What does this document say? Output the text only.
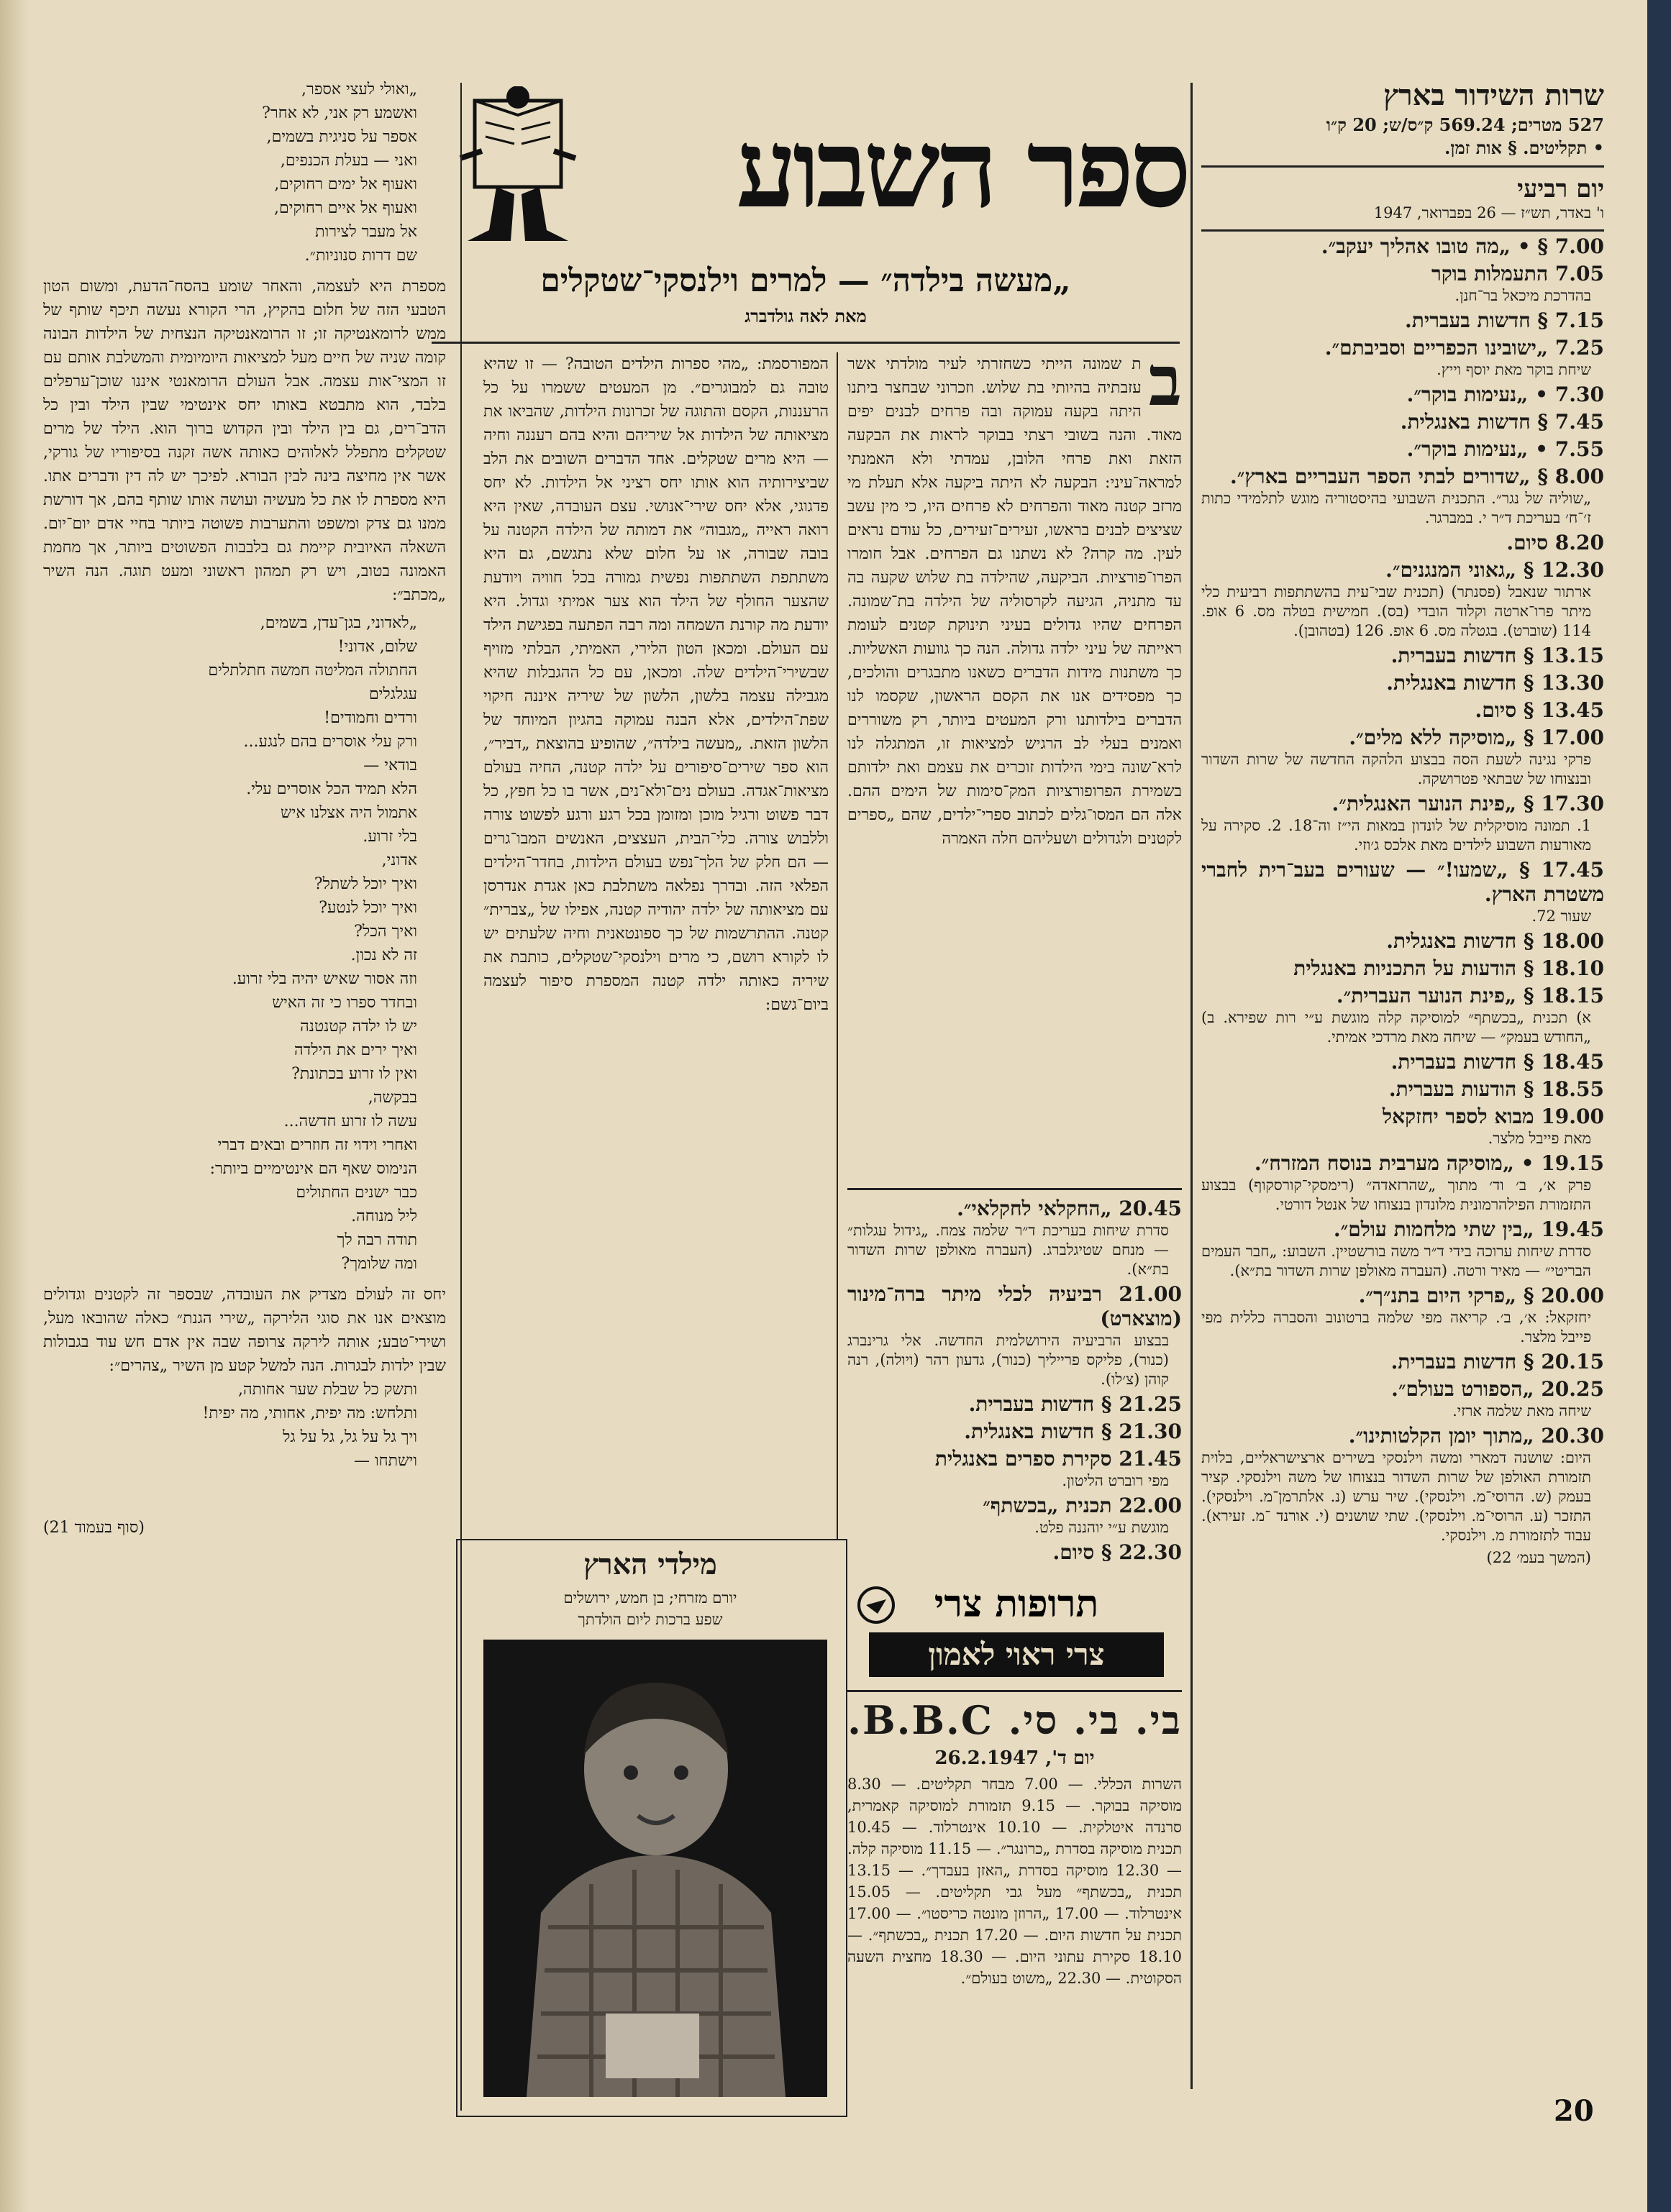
שרות השידור בארץ
527 מטרים; 569.24 ק״ס/ש; 20 ק״ו
• תקליטים. § אות זמן.
יום רביעי
ו' באדר, תש״ז — 26 בפברואר, 1947
7.00 § • „מה טובו אהליך יעקב״.
7.05 התעמלות בוקר
בהדרכת מיכאל בר־חנן.
7.15 § חדשות בעברית.
7.25 „ישובינו הכפריים וסביבתם״.
שיחת בוקר מאת יוסף וייץ.
7.30 • „נעימות בוקר״.
7.45 § חדשות באנגלית.
7.55 • „נעימות בוקר״.
8.00 § „שדורים לבתי הספר העבריים בארץ״.
„שוליה של נגר״. התכנית השבועי בהיסטוריה מוגש לתלמידי כתות ז׳־ח׳ בעריכת ד״ר י. במברגר.
8.20 סיום.
12.30 § „גאוני המנגנים״.
ארתור שנאבל (פסנתר) (תכנית שבי־עית בהשתתפות רביעית כלי מיתר פרו־ארטה וקלוד הובדי (בס). חמישית בטלה מס. 6 אופ. 114 (שוברט). בגטלה מס. 6 אופ. 126 (בטהובן).
13.15 § חדשות בעברית.
13.30 § חדשות באנגלית.
13.45 § סיום.
17.00 § „מוסיקה ללא מלים״.
פרקי נגינה לשעת הסה בבצוע הלהקה החדשה של שרות השדור ובנצוחו של שבתאי פטרושקה.
17.30 § „פינת הנוער האנגלית״.
1. תמונה מוסיקלית של לונדון במאות הי״ז וה־18. 2. סקירה על מאורעות השבוע לילדים מאת אלכס ג׳וזי.
17.45 § „שמעו!״ — שעורים בעב־רית לחברי משטרת הארץ.
שעור 72.
18.00 § חדשות באנגלית.
18.10 § הודעות על התכניות באנגלית
18.15 § „פינת הנוער העברית״.
א) תכנית „בכשתף״ למוסיקה קלה מוגשת ע״י רות שפירא. ב) „החודש בעמק״ — שיחה מאת מרדכי אמיתי.
18.45 § חדשות בעברית.
18.55 § הודעות בעברית.
19.00 מבוא לספר יחזקאל
מאת פייבל מלצר.
19.15 • „מוסיקה מערבית בנוסח המזרח״.
פרק א׳, ב׳ וד׳ מתוך „שהרזאדה״ (רימסקי־קורסקוף) בבצוע התזמורת הפילהרמונית מלונדון בנצוחו של אנטל דורטי.
19.45 „בין שתי מלחמות עולם״.
סדרת שיחות ערוכה בידי ד״ר משה בורשטיין. השבוע: „חבר העמים הבריטי״ — מאיר ורטה. (העברה מאולפן שרות השדור בת״א).
20.00 § „פרקי היום בתנ״ך״.
יחזקאל: א׳, ב׳. קריאה מפי שלמה ברטונוב והסברה כללית מפי פייבל מלצר.
20.15 § חדשות בעברית.
20.25 „הספורט בעולם״.
שיחה מאת שלמה ארזי.
20.30 „מתוך יומן הקלטותינו״.
היום: שושנה דמארי ומשה וילנסקי בשירים ארצישראליים, בלוית תזמורת האולפן של שרות השדור בנצוחו של משה וילנסקי. קציר בעמק (ש. הרוסי־מ. וילנסקי). שיר ערש (נ. אלתרמן־מ. וילנסקי). התזכר (ע. הרוסי־מ. וילנסקי). שתי שושנים (י. אורנד ־מ. זעירא). עבוד לתזמורת מ. וילנסקי.
(המשך בעמ׳ 22)
ספר השבוע
„מעשה בילדה״ — למרים וילנסקי־שטקלים
מאת לאה גולדברג
ב
ת שמונה הייתי כשחזרתי לעיר מולדתי אשר עזבתיה בהיותי בת שלוש. וזכרוני שבחצר ביתנו היתה בקעה עמוקה ובה פרחים לבנים יפים מאוד. והנה בשובי רצתי בבוקר לראות את הבקעה הזאת ואת פרחי הלובן, עמדתי ולא האמנתי למראה־עיני: הבקעה לא היתה ביקעה אלא תעלת מי מרזב קטנה מאוד והפרחים לא פרחים היו, כי מין עשב שציצים לבנים בראשו, זעירים־זעירים, כל עודם נראים לעין. מה קרה? לא נשתנו גם הפרחים. אבל חומרו הפרו־פורציות. הביקעה, שהילדה בת שלוש שקעה בה עד מתניה, הגיעה לקרסוליה של הילדה בת־שמונה. הפרחים שהיו גדולים בעיני תינוקת קטנים לעומת ראייתה של עיני ילדה גדולה. הנה כך גוועות האשליות. כך משתנות מידות הדברים כשאנו מתבגרים והולכים, כך מפסידים אנו את הקסם הראשון, שקסמו לנו הדברים בילדותנו ורק המעטים ביותר, רק משוררים ואמנים בעלי לב הרגיש למציאות זו, המתגלה לנו לרא־שונה בימי הילדות זוכרים את עצמם ואת ילדותם בשמירת הפרופורציות המק־סימות של הימים ההם. אלה הם המסו־גלים לכתוב ספרי־ילדים, שהם „ספרים לקטנים ולגדולים ושעליהם חלה האמרה
המפורסמת: „מהי ספרות הילדים הטובה? — זו שהיא טובה גם למבוגרים״. מן המעטים ששמרו על כל הרעננות, הקסם והתוגה של זכרונות הילדות, שהביאו את מציאותה של הילדות אל שיריהם והיא בהם רעננה וחיה — היא מרים שטקלים. אחד הדברים השובים את הלב שביצירותיה הוא אותו יחס רציני אל הילדות. לא יחס פדגוגי, אלא יחס שירי־אנושי. עצם העובדה, שאין היא רואה ראייה „מגבוה״ את דמותה של הילדה הקטנה על בובה שבורה, או על חלום שלא נתגשם, גם היא משתתפת השתתפות נפשית גמורה בכל חוויה ויודעת שהצער החולף של הילד הוא צער אמיתי וגדול. היא יודעת מה קורנת השמחה ומה רבה הפתעה בפגישת הילד עם העולם. ומכאן הטון הלירי, האמיתי, הבלתי מזויף שבשירי־הילדים שלה. ומכאן, עם כל ההגבלות שהיא מגבילה עצמה בלשון, הלשון של שיריה איננה חיקוי שפת־הילדים, אלא הבנה עמוקה בהגיון המיוחד של הלשון הזאת. „מעשה בילדה״, שהופיע בהוצאת „דביר״, הוא ספר שירים־סיפורים על ילדה קטנה, החיה בעולם מציאות־אגדה. בעולם נים־ולא־נים, אשר בו כל חפץ, כל דבר פשוט ורגיל מוכן ומזומן בכל רגע ורגע לפשוט צורה וללבוש צורה. כלי־הבית, העצצים, האנשים המבו־גרים — הם חלק של הלך־נפש בעולם הילדות, בחדר־הילדים הפלאי הזה. ובדרך נפלאה משתלבת כאן אגדת אנדרסן עם מציאותה של ילדה יהודיה קטנה, אפילו של „צברית״ קטנה. ההתרשמות של כך ספונטאנית וחיה שלעתים יש לו לקורא רושם, כי מרים וילנסקי־שטקלים, כותבת את שיריה כאותה ילדה קטנה המספרת סיפור לעצמה ביום־גשם:

„ואולי לעצי אספר,

ואשמע רק אני, לא אחר?

אספר על סניגית בשמים,

ואני — בעלת הכנפים,

ואעוף אל ימים רחוקים,

ואעוף אל איים רחוקים,

אל מעבר לצירות

שם דרות סנוניות״.

מספרת היא לעצמה, והאחר שומע בהסח־הדעת, ומשום הטון הטבעי הזה של חלום בהקיץ, הרי הקורא נעשה תיכף שותף של ממש לרומאנטיקה זו; זו הרומאנטיקה הנצחית של הילדות הבונה קומה שניה של חיים מעל למציאות היומיומית והמשלבת אותם עם זו המצי־אות עצמה. אבל העולם הרומאנטי איננו שוכן־ערפלים בלבד, הוא מתבטא באותו יחס אינטימי שבין הילד ובין כל הדב־רים, גם בין הילד ובין הקדוש ברוך הוא. הילד של מרים שטקלים מתפלל לאלוהים כאותה אשה זקנה בסיפוריו של גורקי, אשר אין מחיצה בינה לבין הבורא. לפיכך יש לה דין ודברים אתו. היא מספרת לו את כל מעשיה ועושה אותו שותף בהם, אך דורשת ממנו גם צדק ומשפט והתערבות פשוטה ביותר בחיי אדם יום־יום. השאלה האיובית קיימת גם בלבבות הפשוטים ביותר, אך מחמת האמונה בטוב, ויש רק תמהון ראשוני ומעט תוגה. הנה השיר „מכתב״:

„לאדוני, בגן־עדן, בשמים,

שלום, אדוני!

החתולה המליטה חמשה חתלתלים

עגלגלים

ורדים וחמודים!

ורק עלי אוסרים בהם לנגע...

בודאי —

הלא תמיד הכל אוסרים עלי.

אתמול היה אצלנו איש

בלי זרוע.

אדוני,

ואיך יוכל לשתל?

ואיך יוכל לנטע?

ואיך הכל?

זה לא נכון.

וזה אסור שאיש יהיה בלי זרוע.

ובחדר ספרו כי זה האיש

יש לו ילדה קטנטנה

ואיך ירים את הילדה

ואין לו זרוע בכתונת?

בבקשה,

עשה לו זרוע חדשה...

ואחרי וידוי זה חוזרים ובאים דברי

הנימוס שאף הם אינטימיים ביותר:

כבר ישנים החתולים

ליל מנוחה.

תודה רבה לך

ומה שלומך?

יחס זה לעולם מצדיק את העובדה, שבספר זה לקטנים וגדולים מוצאים אנו את סוגי הלירקה „שירי הגנת״ כאלה שהובאו מעל, ושירי־טבע; אותה לירקה צרופה שבה אין אדם חש עוד בגבולות שבין ילדות לבגרות. הנה למשל קטע מן השיר „צהרים״:

ותשק כל שבלת שער אחותה,

ותלחש: מה יפית, אחותי, מה יפית!

ויך גל על גל, גל על גל

וישתחו —

(סוף בעמוד 21)
20.45 „החקלאי לחקלאי״.
סדרת שיחות בעריכת ד״ר שלמה צמח. „גידול עגלות״ — מנחם שטיגלברג. (העברה מאולפן שרות השדור בת״א).
21.00 רביעיה לכלי מיתר ברה־מינור (מוצארט)
בבצוע הרביעיה הירושלמית החדשה. אלי גרינברג (כנור), פליקס פרייליך (כנור), גדעון רהר (ויולה), רנה קוהן (צ׳לו).
21.25 § חדשות בעברית.
21.30 § חדשות באנגלית.
21.45 סקירת ספרים באנגלית
מפי רוברט הליטון.
22.00 תכנית „בכשתף״
מוגשת ע״י יוהננה פלט.
22.30 § סיום.
תרופות צרי
צרי ראוי לאמון
בי. בי. סי. B.B.C.
יום ד', 26.2.1947
השרות הכללי. — 7.00 מבחר תקליטים. — 8.30 מוסיקה בבוקר. — 9.15 תזמורת למוסיקה קאמרית, סרנדה איטלקית. — 10.10 אינטרלוד. — 10.45 תכנית מוסיקה בסדרת „כרונגר״. — 11.15 מוסיקה קלה. — 12.30 מוסיקה בסדרת „האזן בעבדך״. — 13.15 תכנית „בכשתף״ מעל גבי תקליטים. — 15.05 אינטרלוד. — 17.00 „הרוזן מונטה כריסטו״. — 17.00 תכנית על חדשות היום. — 17.20 תכנית „בכשתף״. — 18.10 סקירת עתוני היום. — 18.30 מחצית השעה הסקוטית. — 22.30 „משוט בעולם״.
מילדי הארץ
יורם מזרחי; בן חמש, ירושלים
שפע ברכות ליום הולדתך
20
